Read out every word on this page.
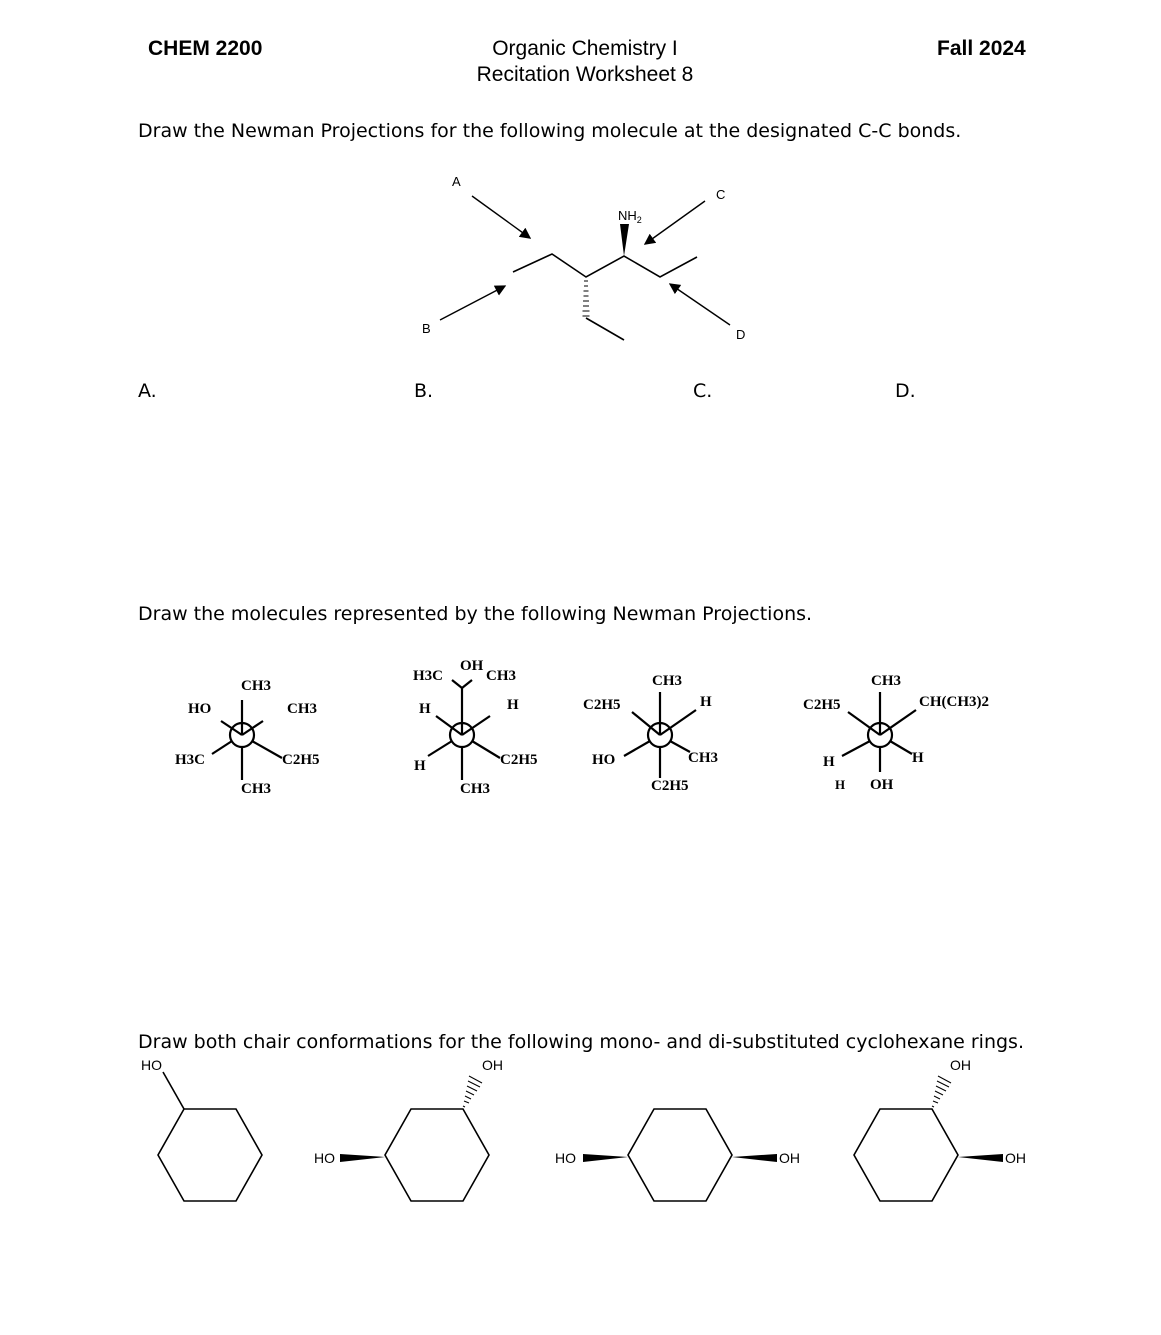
CHEM 2200	Organic Chemistry I
Recitation Worksheet 8
Fall 2024
Draw the Newman Projections for the following molecule at the designated C-C bonds.
$NH_2$
A
B
C
D
A.	B.	C.	D.
Draw the molecules represented by the following Newman Projections.
CH3
HO	CH3
H3C	C2H5
CH3
OH
H3C	CH3
H	H
H	C2H5
CH3
CH3
C2H5	H
HO	CH3
C2H5
CH3
C2H5	CH(CH3)2
H	H
H OH
Draw both chair conformations for the following mono- and di-substituted cyclohexane rings.
HO
HO
OH
HO	OH
OH
OH
